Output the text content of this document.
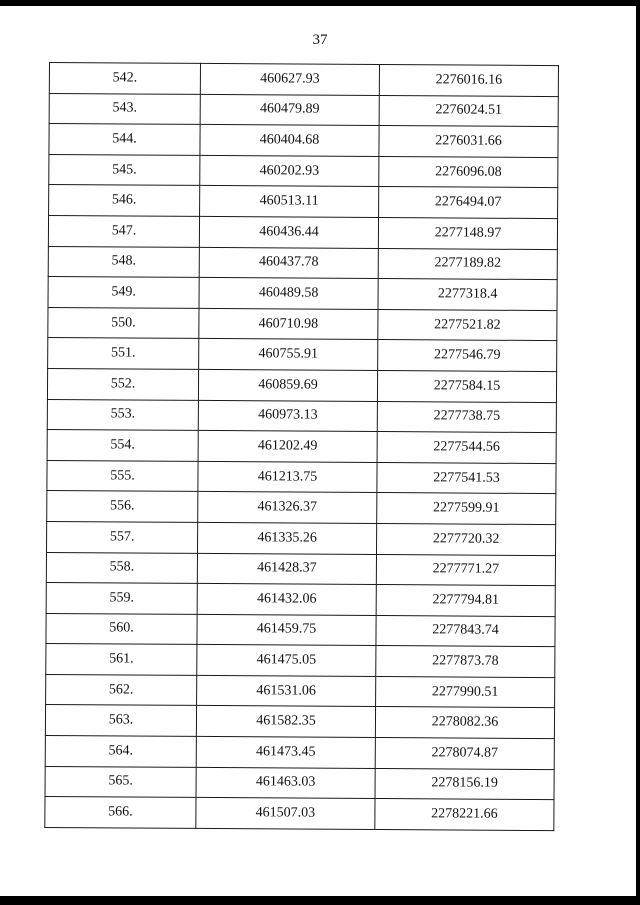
37
542.	460627.93	2276016.16
543.	460479.89	2276024.51
544.	460404.68	2276031.66
545.	460202.93	2276096.08
546.	460513.11	2276494.07
547.	460436.44	2277148.97
548.	460437.78	2277189.82
549.	460489.58	2277318.4
550.	460710.98	2277521.82
551.	460755.91	2277546.79
552.	460859.69	2277584.15
553.	460973.13	2277738.75
554.	461202.49	2277544.56
555.	461213.75	2277541.53
556.	461326.37	2277599.91
557.	461335.26	2277720.32
558.	461428.37	2277771.27
559.	461432.06	2277794.81
560.	461459.75	2277843.74
561.	461475.05	2277873.78
562.	461531.06	2277990.51
563.	461582.35	2278082.36
564.	461473.45	2278074.87
565.	461463.03	2278156.19
566.	461507.03	2278221.66
